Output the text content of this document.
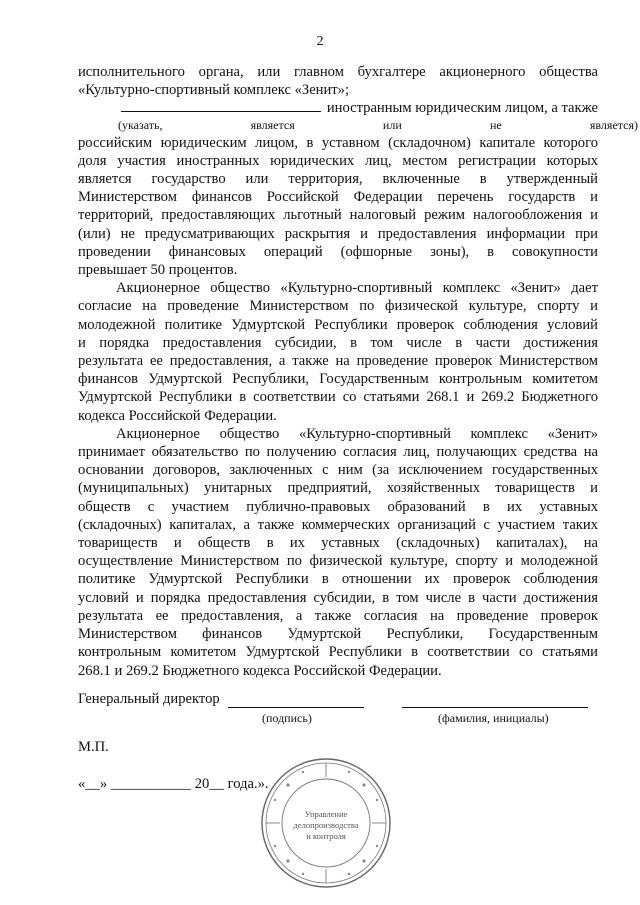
2
исполнительного органа, или главном бухгалтере акционерного общества
«Культурно-спортивный комплекс «Зенит»;
иностранным юридическим лицом, а также
(указать, является или не является)
российским юридическим лицом, в уставном (складочном) капитале которого
доля участия иностранных юридических лиц, местом регистрации которых
является государство или территория, включенные в утвержденный
Министерством финансов Российской Федерации перечень государств и
территорий, предоставляющих льготный налоговый режим налогообложения и
(или) не предусматривающих раскрытия и предоставления информации при
проведении финансовых операций (офшорные зоны), в совокупности
превышает 50 процентов.
Акционерное общество «Культурно-спортивный комплекс «Зенит» дает
согласие на проведение Министерством по физической культуре, спорту и
молодежной политике Удмуртской Республики проверок соблюдения условий
и порядка предоставления субсидии, в том числе в части достижения
результата ее предоставления, а также на проведение проверок Министерством
финансов Удмуртской Республики, Государственным контрольным комитетом
Удмуртской Республики в соответствии со статьями 268.1 и 269.2 Бюджетного
кодекса Российской Федерации.
Акционерное общество «Культурно-спортивный комплекс «Зенит»
принимает обязательство по получению согласия лиц, получающих средства на
основании договоров, заключенных с ним (за исключением государственных
(муниципальных) унитарных предприятий, хозяйственных товариществ и
обществ с участием публично-правовых образований в их уставных
(складочных) капиталах, а также коммерческих организаций с участием таких
товариществ и обществ в их уставных (складочных) капиталах), на
осуществление Министерством по физической культуре, спорту и молодежной
политике Удмуртской Республики в отношении их проверок соблюдения
условий и порядка предоставления субсидии, в том числе в части достижения
результата ее предоставления, а также согласия на проведение проверок
Министерством финансов Удмуртской Республики, Государственным
контрольным комитетом Удмуртской Республики в соответствии со статьями
268.1 и 269.2 Бюджетного кодекса Российской Федерации.
Генеральный директор
(подпись)	(фамилия, инициалы)
М.П.
«__» ___________ 20__ года.».
Управление
делопроизводства
и контроля
